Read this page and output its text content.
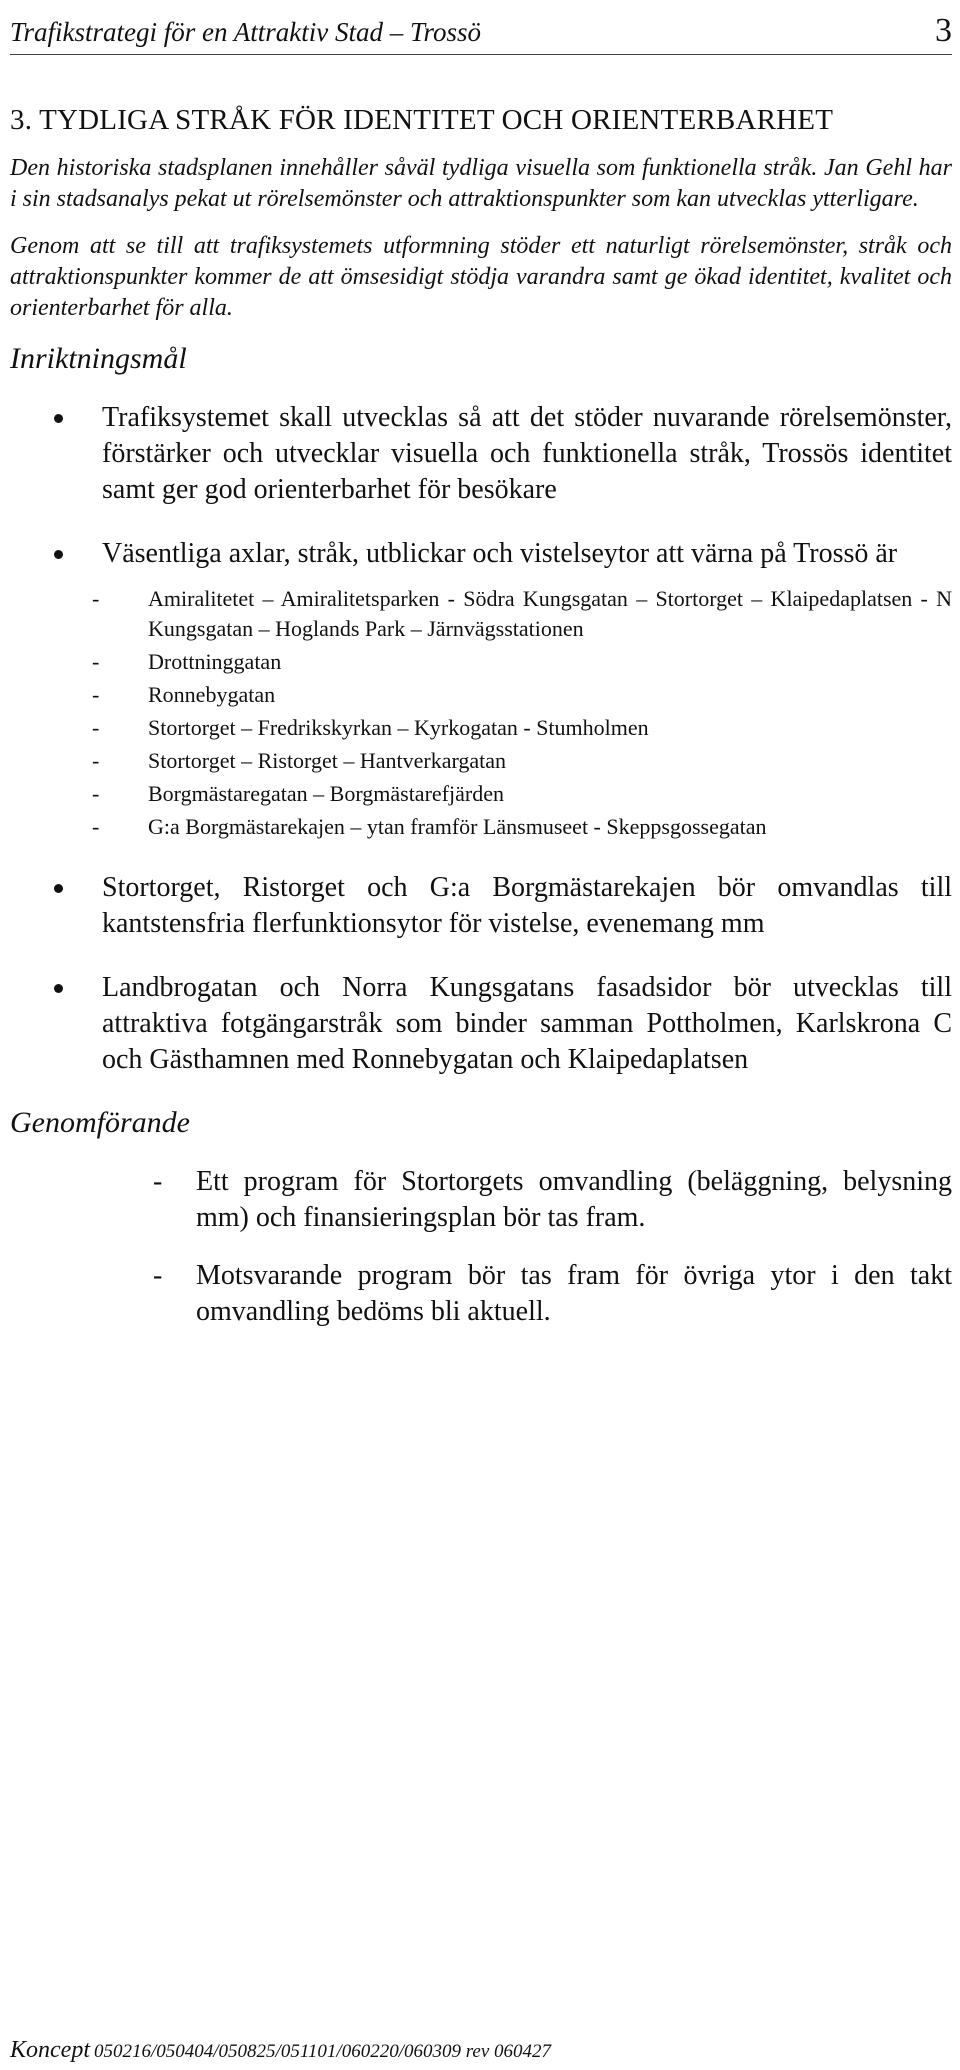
Trafikstrategi för en Attraktiv Stad – Trossö	3
3. TYDLIGA STRÅK FÖR IDENTITET OCH ORIENTERBARHET

Den historiska stadsplanen innehåller såväl tydliga visuella som funktionella stråk. Jan Gehl har i sin stadsanalys pekat ut rörelsemönster och attraktionspunkter som kan utvecklas ytterligare.

Genom att se till att trafiksystemets utformning stöder ett naturligt rörelsemönster, stråk och attraktionspunkter kommer de att ömsesidigt stödja varandra samt ge ökad identitet, kvalitet och orienterbarhet för alla.

Inriktningsmål
Trafiksystemet skall utvecklas så att det stöder nuvarande rörelsemönster, förstärker och utvecklar visuella och funktionella stråk, Trossös identitet samt ger god orienterbarhet för besökare
Väsentliga axlar, stråk, utblickar och vistelseytor att värna på Trossö är
- Amiralitetet – Amiralitetsparken - Södra Kungsgatan – Stortorget – Klaipedaplatsen - N Kungsgatan – Hoglands Park – Järnvägsstationen
- Drottninggatan
- Ronnebygatan
- Stortorget – Fredrikskyrkan – Kyrkogatan - Stumholmen
- Stortorget – Ristorget – Hantverkargatan
- Borgmästaregatan – Borgmästarefjärden
- G:a Borgmästarekajen – ytan framför Länsmuseet - Skeppsgossegatan
Stortorget, Ristorget och G:a Borgmästarekajen bör omvandlas till kantstensfria flerfunktionsytor för vistelse, evenemang mm
Landbrogatan och Norra Kungsgatans fasadsidor bör utvecklas till attraktiva fotgängarstråk som binder samman Pottholmen, Karlskrona C och Gästhamnen med Ronnebygatan och Klaipedaplatsen
Genomförande
- Ett program för Stortorgets omvandling (beläggning, belysning mm) och finansieringsplan bör tas fram.
- Motsvarande program bör tas fram för övriga ytor i den takt omvandling bedöms bli aktuell.
Koncept 050216/050404/050825/051101/060220/060309 rev 060427
